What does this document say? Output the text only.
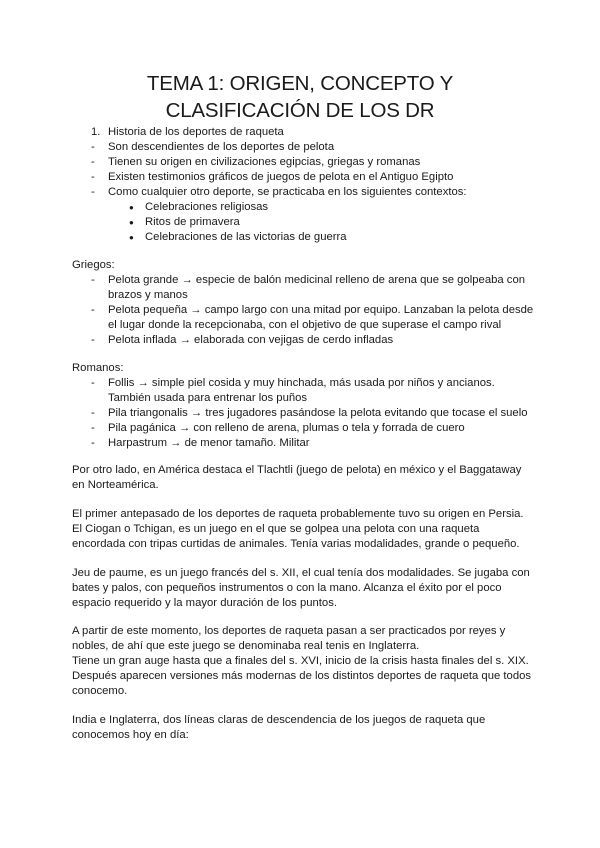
TEMA 1: ORIGEN, CONCEPTO Y
CLASIFICACIÓN DE LOS DR
1. Historia de los deportes de raqueta
- Son descendientes de los deportes de pelota
- Tienen su origen en civilizaciones egipcias, griegas y romanas
- Existen testimonios gráficos de juegos de pelota en el Antiguo Egipto
- Como cualquier otro deporte, se practicaba en los siguientes contextos:
● Celebraciones religiosas
● Ritos de primavera
● Celebraciones de las victorias de guerra
Griegos:
- Pelota grande → especie de balón medicinal relleno de arena que se golpeaba con
brazos y manos
- Pelota pequeña → campo largo con una mitad por equipo. Lanzaban la pelota desde
el lugar donde la recepcionaba, con el objetivo de que superase el campo rival
- Pelota inflada → elaborada con vejigas de cerdo infladas
Romanos:
- Follis → simple piel cosida y muy hinchada, más usada por niños y ancianos.
También usada para entrenar los puños
- Pila triangonalis → tres jugadores pasándose la pelota evitando que tocase el suelo
- Pila pagánica → con relleno de arena, plumas o tela y forrada de cuero
- Harpastrum → de menor tamaño. Militar
Por otro lado, en América destaca el Tlachtli (juego de pelota) en méxico y el Baggataway
en Norteamérica.
El primer antepasado de los deportes de raqueta probablemente tuvo su origen en Persia.
El Ciogan o Tchigan, es un juego en el que se golpea una pelota con una raqueta
encordada con tripas curtidas de animales. Tenía varias modalidades, grande o pequeño.
Jeu de paume, es un juego francés del s. XII, el cual tenía dos modalidades. Se jugaba con
bates y palos, con pequeños instrumentos o con la mano. Alcanza el éxito por el poco
espacio requerido y la mayor duración de los puntos.
A partir de este momento, los deportes de raqueta pasan a ser practicados por reyes y
nobles, de ahí que este juego se denominaba real tenis en Inglaterra.
Tiene un gran auge hasta que a finales del s. XVI, inicio de la crisis hasta finales del s. XIX.
Después aparecen versiones más modernas de los distintos deportes de raqueta que todos
conocemo.
India e Inglaterra, dos líneas claras de descendencia de los juegos de raqueta que
conocemos hoy en día:
